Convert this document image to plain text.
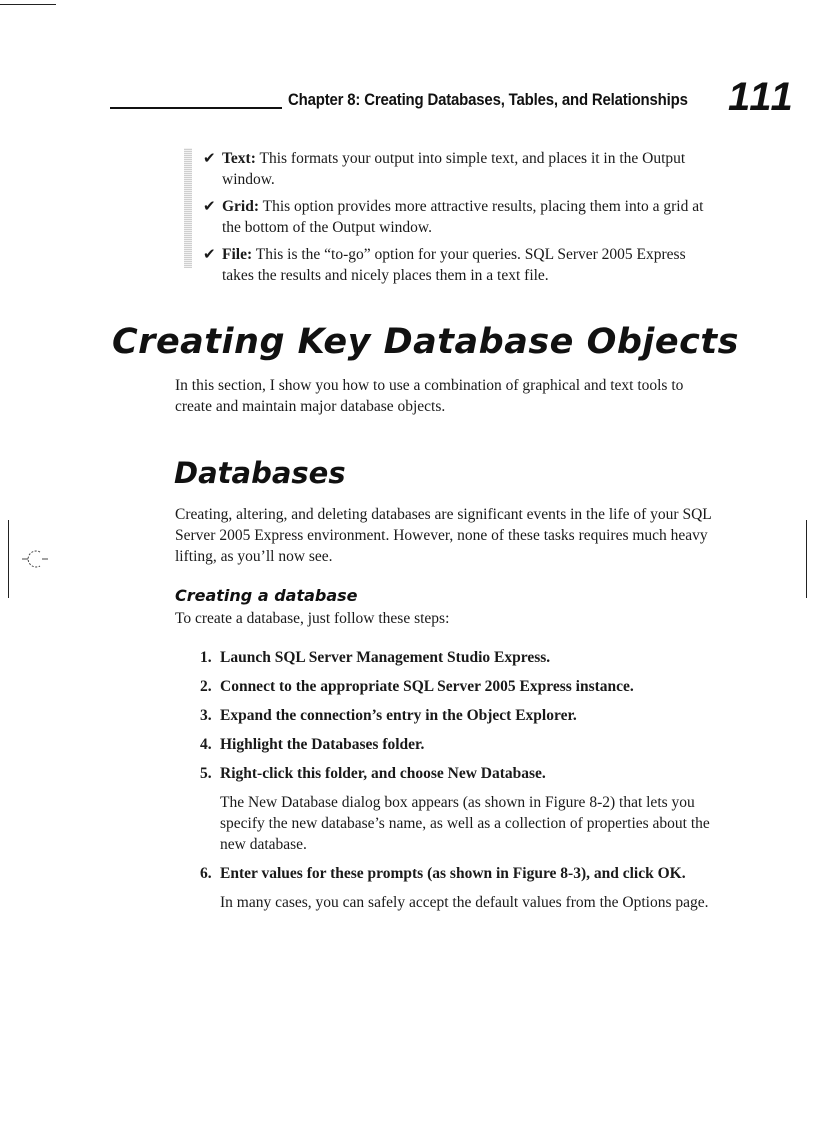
Chapter 8: Creating Databases, Tables, and Relationships 111
✔ Text: This formats your output into simple text, and places it in the Output window.
✔ Grid: This option provides more attractive results, placing them into a grid at the bottom of the Output window.
✔ File: This is the “to-go” option for your queries. SQL Server 2005 Express takes the results and nicely places them in a text file.
Creating Key Database Objects
In this section, I show you how to use a combination of graphical and text tools to create and maintain major database objects.
Databases
Creating, altering, and deleting databases are significant events in the life of your SQL Server 2005 Express environment. However, none of these tasks requires much heavy lifting, as you’ll now see.
Creating a database
To create a database, just follow these steps:
1. Launch SQL Server Management Studio Express.
2. Connect to the appropriate SQL Server 2005 Express instance.
3. Expand the connection’s entry in the Object Explorer.
4. Highlight the Databases folder.
5. Right-click this folder, and choose New Database.
The New Database dialog box appears (as shown in Figure 8-2) that lets you specify the new database’s name, as well as a collection of properties about the new database.
6. Enter values for these prompts (as shown in Figure 8-3), and click OK.
In many cases, you can safely accept the default values from the Options page.
